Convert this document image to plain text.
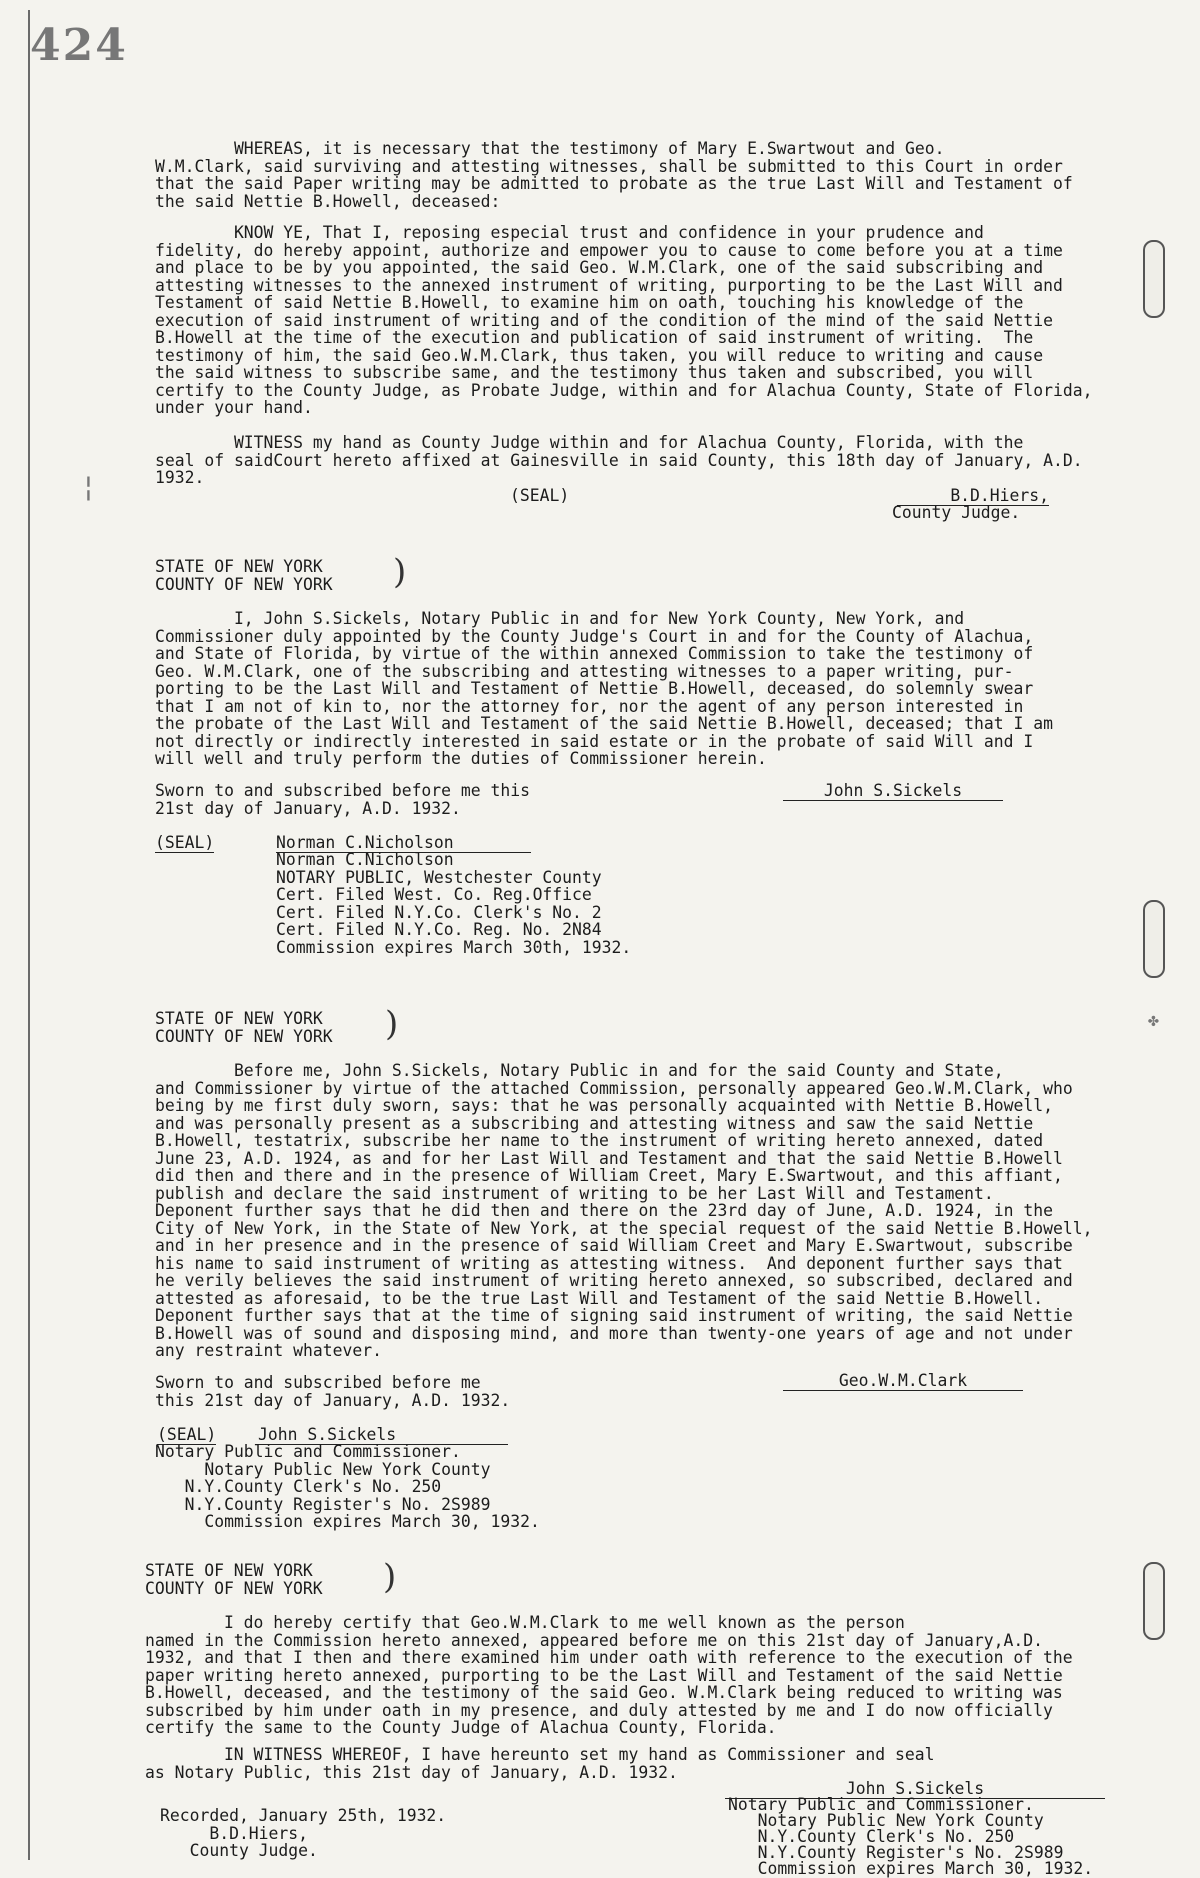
424
¦
✤
WHEREAS, it is necessary that the testimony of Mary E.Swartwout and Geo.
W.M.Clark, said surviving and attesting witnesses, shall be submitted to this Court in order
that the said Paper writing may be admitted to probate as the true Last Will and Testament of
the said Nettie B.Howell, deceased:
KNOW YE, That I, reposing especial trust and confidence in your prudence and
fidelity, do hereby appoint, authorize and empower you to cause to come before you at a time
and place to be by you appointed, the said Geo. W.M.Clark, one of the said subscribing and
attesting witnesses to the annexed instrument of writing, purporting to be the Last Will and
Testament of said Nettie B.Howell, to examine him on oath, touching his knowledge of the
execution of said instrument of writing and of the condition of the mind of the said Nettie
B.Howell at the time of the execution and publication of said instrument of writing.  The
testimony of him, the said Geo.W.M.Clark, thus taken, you will reduce to writing and cause
the said witness to subscribe same, and the testimony thus taken and subscribed, you will
certify to the County Judge, as Probate Judge, within and for Alachua County, State of Florida,
under your hand.
WITNESS my hand as County Judge within and for Alachua County, Florida, with the
seal of saidCourt hereto affixed at Gainesville in said County, this 18th day of January, A.D.
1932.
(SEAL)	B.D.Hiers,
County Judge.
STATE OF NEW YORK
COUNTY OF NEW YORK	)
I, John S.Sickels, Notary Public in and for New York County, New York, and
Commissioner duly appointed by the County Judge's Court in and for the County of Alachua,
and State of Florida, by virtue of the within annexed Commission to take the testimony of
Geo. W.M.Clark, one of the subscribing and attesting witnesses to a paper writing, pur-
porting to be the Last Will and Testament of Nettie B.Howell, deceased, do solemnly swear
that I am not of kin to, nor the attorney for, nor the agent of any person interested in
the probate of the Last Will and Testament of the said Nettie B.Howell, deceased; that I am
not directly or indirectly interested in said estate or in the probate of said Will and I
will well and truly perform the duties of Commissioner herein.
Sworn to and subscribed before me this
21st day of January, A.D. 1932.
John S.Sickels
(SEAL)	Norman C.Nicholson
Norman C.Nicholson
NOTARY PUBLIC, Westchester County
Cert. Filed West. Co. Reg.Office
Cert. Filed N.Y.Co. Clerk's No. 2
Cert. Filed N.Y.Co. Reg. No. 2N84
Commission expires March 30th, 1932.
STATE OF NEW YORK
COUNTY OF NEW YORK	)
Before me, John S.Sickels, Notary Public in and for the said County and State,
and Commissioner by virtue of the attached Commission, personally appeared Geo.W.M.Clark, who
being by me first duly sworn, says: that he was personally acquainted with Nettie B.Howell,
and was personally present as a subscribing and attesting witness and saw the said Nettie
B.Howell, testatrix, subscribe her name to the instrument of writing hereto annexed, dated
June 23, A.D. 1924, as and for her Last Will and Testament and that the said Nettie B.Howell
did then and there and in the presence of William Creet, Mary E.Swartwout, and this affiant,
publish and declare the said instrument of writing to be her Last Will and Testament.
Deponent further says that he did then and there on the 23rd day of June, A.D. 1924, in the
City of New York, in the State of New York, at the special request of the said Nettie B.Howell,
and in her presence and in the presence of said William Creet and Mary E.Swartwout, subscribe
his name to said instrument of writing as attesting witness.  And deponent further says that
he verily believes the said instrument of writing hereto annexed, so subscribed, declared and
attested as aforesaid, to be the true Last Will and Testament of the said Nettie B.Howell.
Deponent further says that at the time of signing said instrument of writing, the said Nettie
B.Howell was of sound and disposing mind, and more than twenty-one years of age and not under
any restraint whatever.
Sworn to and subscribed before me
this 21st day of January, A.D. 1932.
Geo.W.M.Clark
(SEAL)	John S.Sickels
Notary Public and Commissioner.
Notary Public New York County
N.Y.County Clerk's No. 250
N.Y.County Register's No. 2S989
Commission expires March 30, 1932.
STATE OF NEW YORK
COUNTY OF NEW YORK )
I do hereby certify that Geo.W.M.Clark to me well known as the person
named in the Commission hereto annexed, appeared before me on this 21st day of January,A.D.
1932, and that I then and there examined him under oath with reference to the execution of the
paper writing hereto annexed, purporting to be the Last Will and Testament of the said Nettie
B.Howell, deceased, and the testimony of the said Geo. W.M.Clark being reduced to writing was
subscribed by him under oath in my presence, and duly attested by me and I do now officially
certify the same to the County Judge of Alachua County, Florida.
IN WITNESS WHEREOF, I have hereunto set my hand as Commissioner and seal
as Notary Public, this 21st day of January, A.D. 1932.
Recorded, January 25th, 1932.
B.D.Hiers,
County Judge.
John S.Sickels
Notary Public and Commissioner.
Notary Public New York County
N.Y.County Clerk's No. 250
N.Y.County Register's No. 2S989
Commission expires March 30, 1932.
